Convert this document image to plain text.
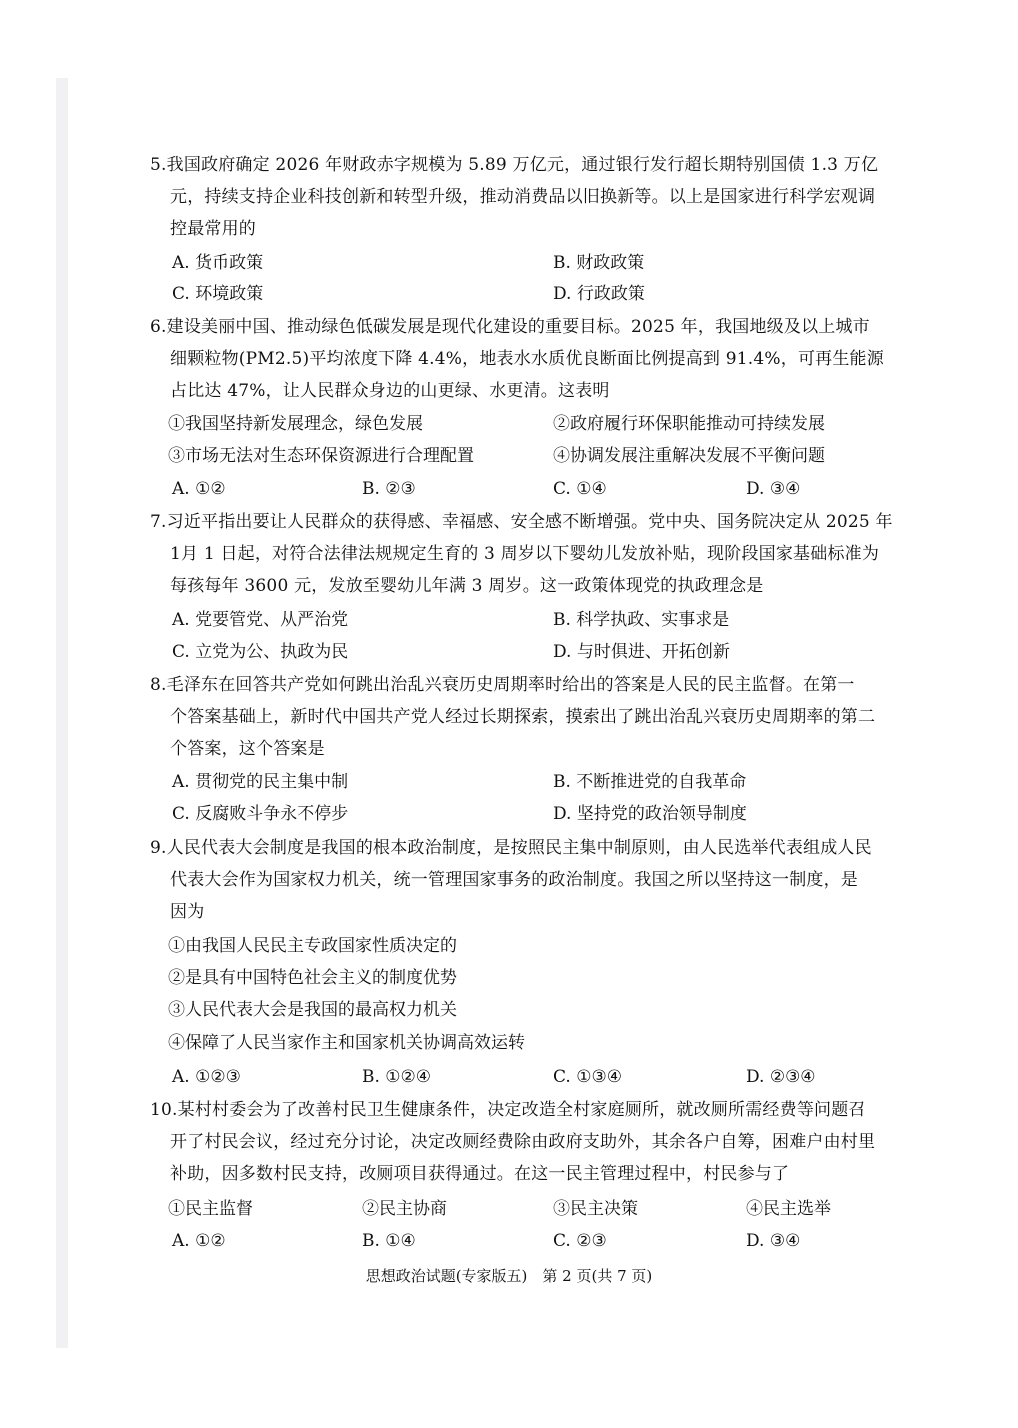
5.我国政府确定 2026 年财政赤字规模为 5.89 万亿元，通过银行发行超长期特别国债 1.3 万亿
元，持续支持企业科技创新和转型升级，推动消费品以旧换新等。以上是国家进行科学宏观调
控最常用的
A. 货币政策	B. 财政政策
C. 环境政策	D. 行政政策
6.建设美丽中国、推动绿色低碳发展是现代化建设的重要目标。2025 年，我国地级及以上城市
细颗粒物(PM2.5)平均浓度下降 4.4%，地表水水质优良断面比例提高到 91.4%，可再生能源
占比达 47%，让人民群众身边的山更绿、水更清。这表明
①我国坚持新发展理念，绿色发展	②政府履行环保职能推动可持续发展
③市场无法对生态环保资源进行合理配置	④协调发展注重解决发展不平衡问题
A. ①②	B. ②③	C. ①④	D. ③④
7.习近平指出要让人民群众的获得感、幸福感、安全感不断增强。党中央、国务院决定从 2025 年
1月 1 日起，对符合法律法规规定生育的 3 周岁以下婴幼儿发放补贴，现阶段国家基础标准为
每孩每年 3600 元，发放至婴幼儿年满 3 周岁。这一政策体现党的执政理念是
A. 党要管党、从严治党	B. 科学执政、实事求是
C. 立党为公、执政为民	D. 与时俱进、开拓创新
8.毛泽东在回答共产党如何跳出治乱兴衰历史周期率时给出的答案是人民的民主监督。在第一
个答案基础上，新时代中国共产党人经过长期探索，摸索出了跳出治乱兴衰历史周期率的第二
个答案，这个答案是
A. 贯彻党的民主集中制	B. 不断推进党的自我革命
C. 反腐败斗争永不停步	D. 坚持党的政治领导制度
9.人民代表大会制度是我国的根本政治制度，是按照民主集中制原则，由人民选举代表组成人民
代表大会作为国家权力机关，统一管理国家事务的政治制度。我国之所以坚持这一制度，是
因为
①由我国人民民主专政国家性质决定的
②是具有中国特色社会主义的制度优势
③人民代表大会是我国的最高权力机关
④保障了人民当家作主和国家机关协调高效运转
A. ①②③	B. ①②④	C. ①③④	D. ②③④
10.某村村委会为了改善村民卫生健康条件，决定改造全村家庭厕所，就改厕所需经费等问题召
开了村民会议，经过充分讨论，决定改厕经费除由政府支助外，其余各户自筹，困难户由村里
补助，因多数村民支持，改厕项目获得通过。在这一民主管理过程中，村民参与了
①民主监督	②民主协商	③民主决策	④民主选举
A. ①②	B. ①④	C. ②③	D. ③④
思想政治试题(专家版五)　第 2 页(共 7 页)
